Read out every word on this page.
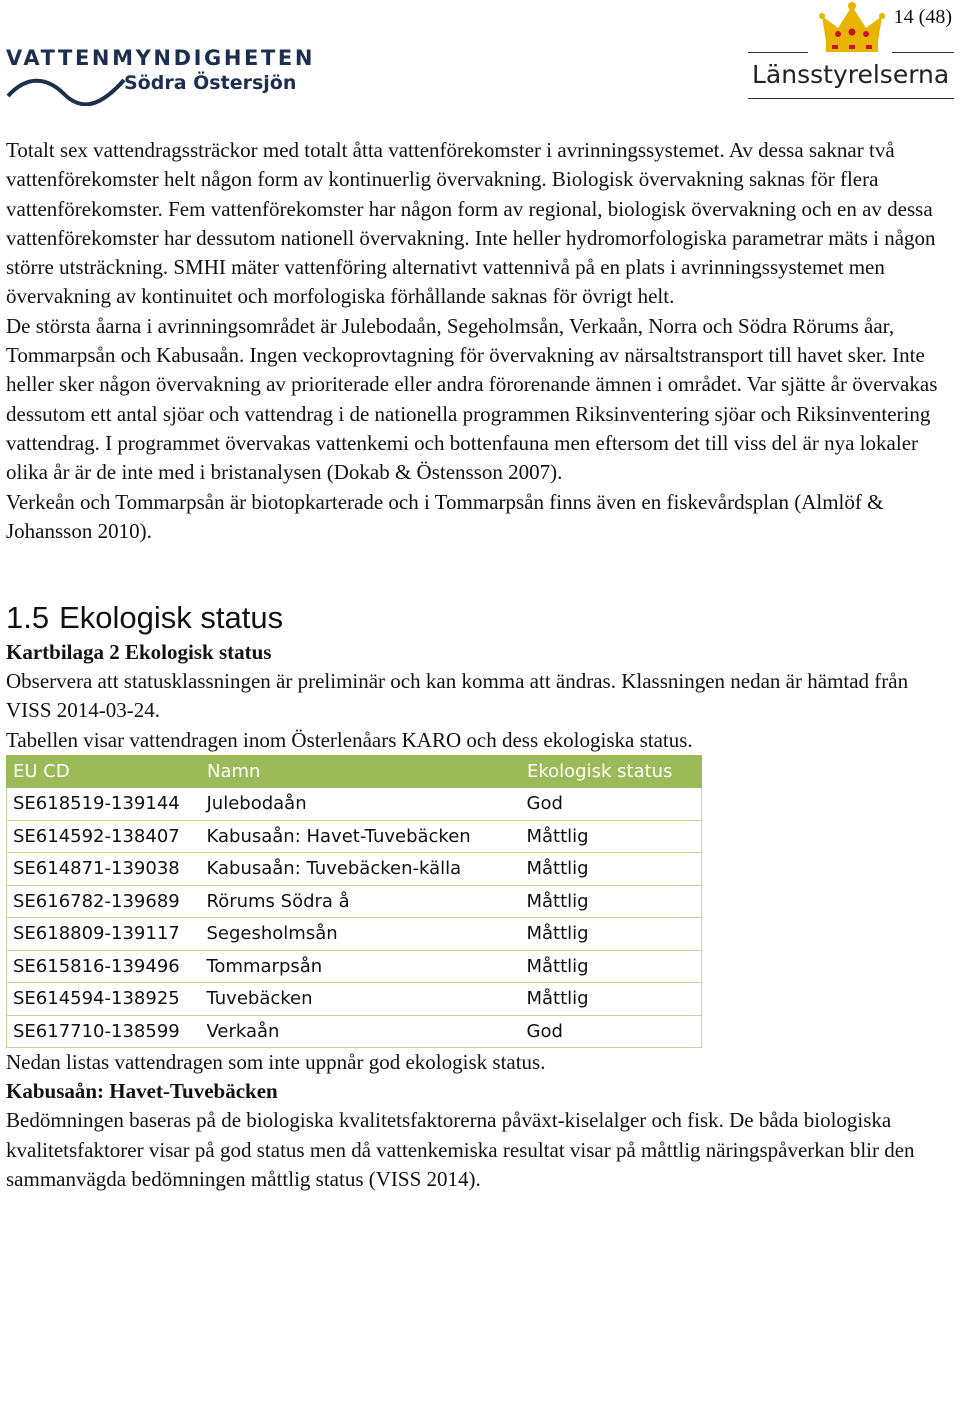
14 (48)
VATTENMYNDIGHETEN
Södra Östersjön	Länsstyrelserna

Totalt sex vattendragssträckor med totalt åtta vattenförekomster i avrinningssystemet. Av dessa saknar två vattenförekomster helt någon form av kontinuerlig övervakning. Biologisk övervakning saknas för flera vattenförekomster. Fem vattenförekomster har någon form av regional, biologisk övervakning och en av dessa vattenförekomster har dessutom nationell övervakning. Inte heller hydromorfologiska parametrar mäts i någon större utsträckning. SMHI mäter vattenföring alternativt vattennivå på en plats i avrinningssystemet men övervakning av kontinuitet och morfologiska förhållande saknas för övrigt helt.

De största åarna i avrinningsområdet är Julebodaån, Segeholmsån, Verkaån, Norra och Södra Rörums åar, Tommarpsån och Kabusaån. Ingen veckoprovtagning för övervakning av närsaltstransport till havet sker. Inte heller sker någon övervakning av prioriterade eller andra förorenande ämnen i området. Var sjätte år övervakas dessutom ett antal sjöar och vattendrag i de nationella programmen Riksinventering sjöar och Riksinventering vattendrag. I programmet övervakas vattenkemi och bottenfauna men eftersom det till viss del är nya lokaler olika år är de inte med i bristanalysen (Dokab & Östensson 2007).

Verkeån och Tommarpsån är biotopkarterade och i Tommarpsån finns även en fiskevårdsplan (Almlöf & Johansson 2010).

1.5 Ekologisk status

Kartbilaga 2 Ekologisk status

Observera att statusklassningen är preliminär och kan komma att ändras. Klassningen nedan är hämtad från VISS 2014-03-24.

Tabellen visar vattendragen inom Österlenåars KARO och dess ekologiska status.

EU CD	Namn	Ekologisk status
SE618519-139144	Julebodaån	God
SE614592-138407	Kabusaån: Havet-Tuvebäcken	Måttlig
SE614871-139038	Kabusaån: Tuvebäcken-källa	Måttlig
SE616782-139689	Rörums Södra å	Måttlig
SE618809-139117	Segesholmsån	Måttlig
SE615816-139496	Tommarpsån	Måttlig
SE614594-138925	Tuvebäcken	Måttlig
SE617710-138599	Verkaån	God

Nedan listas vattendragen som inte uppnår god ekologisk status.

Kabusaån: Havet-Tuvebäcken

Bedömningen baseras på de biologiska kvalitetsfaktorerna påväxt-kiselalger och fisk. De båda biologiska kvalitetsfaktorer visar på god status men då vattenkemiska resultat visar på måttlig näringspåverkan blir den sammanvägda bedömningen måttlig status (VISS 2014).
